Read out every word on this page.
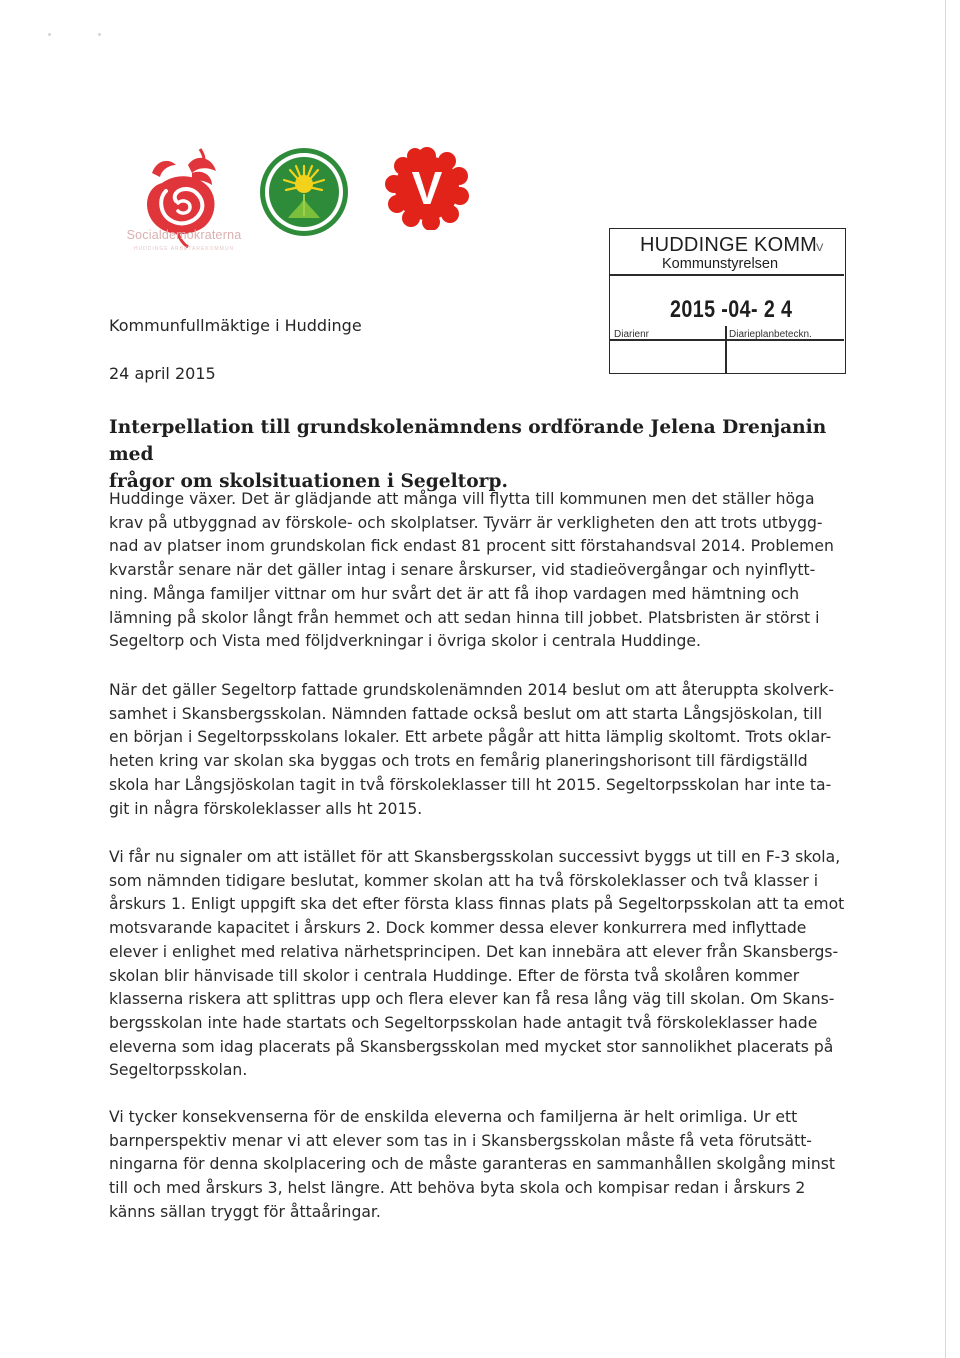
Socialdemokraterna
HUDDINGE ARBETAREKOMMUN
V
HUDDINGE KOMM
V
Kommunstyrelsen
2015 -04- 2 4
Diarienr	Diarieplanbeteckn.
Kommunfullmäktige i Huddinge
24 april 2015
Interpellation till grundskolenämndens ordförande Jelena Drenjanin med
frågor om skolsituationen i Segeltorp.
Huddinge växer. Det är glädjande att många vill flytta till kommunen men det ställer höga
krav på utbyggnad av förskole- och skolplatser. Tyvärr är verkligheten den att trots utbygg-
nad av platser inom grundskolan fick endast 81 procent sitt förstahandsval 2014. Problemen
kvarstår senare när det gäller intag i senare årskurser, vid stadieövergångar och nyinflytt-
ning. Många familjer vittnar om hur svårt det är att få ihop vardagen med hämtning och
lämning på skolor långt från hemmet och att sedan hinna till jobbet. Platsbristen är störst i
Segeltorp och Vista med följdverkningar i övriga skolor i centrala Huddinge.
När det gäller Segeltorp fattade grundskolenämnden 2014 beslut om att återuppta skolverk-
samhet i Skansbergsskolan. Nämnden fattade också beslut om att starta Långsjöskolan, till
en början i Segeltorpsskolans lokaler. Ett arbete pågår att hitta lämplig skoltomt. Trots oklar-
heten kring var skolan ska byggas och trots en femårig planeringshorisont till färdigställd
skola har Långsjöskolan tagit in två förskoleklasser till ht 2015. Segeltorpsskolan har inte ta-
git in några förskoleklasser alls ht 2015.
Vi får nu signaler om att istället för att Skansbergsskolan successivt byggs ut till en F-3 skola,
som nämnden tidigare beslutat, kommer skolan att ha två förskoleklasser och två klasser i
årskurs 1. Enligt uppgift ska det efter första klass finnas plats på Segeltorpsskolan att ta emot
motsvarande kapacitet i årskurs 2. Dock kommer dessa elever konkurrera med inflyttade
elever i enlighet med relativa närhetsprincipen. Det kan innebära att elever från Skansbergs-
skolan blir hänvisade till skolor i centrala Huddinge. Efter de första två skolåren kommer
klasserna riskera att splittras upp och flera elever kan få resa lång väg till skolan. Om Skans-
bergsskolan inte hade startats och Segeltorpsskolan hade antagit två förskoleklasser hade
eleverna som idag placerats på Skansbergsskolan med mycket stor sannolikhet placerats på
Segeltorpsskolan.
Vi tycker konsekvenserna för de enskilda eleverna och familjerna är helt orimliga. Ur ett
barnperspektiv menar vi att elever som tas in i Skansbergsskolan måste få veta förutsätt-
ningarna för denna skolplacering och de måste garanteras en sammanhållen skolgång minst
till och med årskurs 3, helst längre. Att behöva byta skola och kompisar redan i årskurs 2
känns sällan tryggt för åttaåringar.
